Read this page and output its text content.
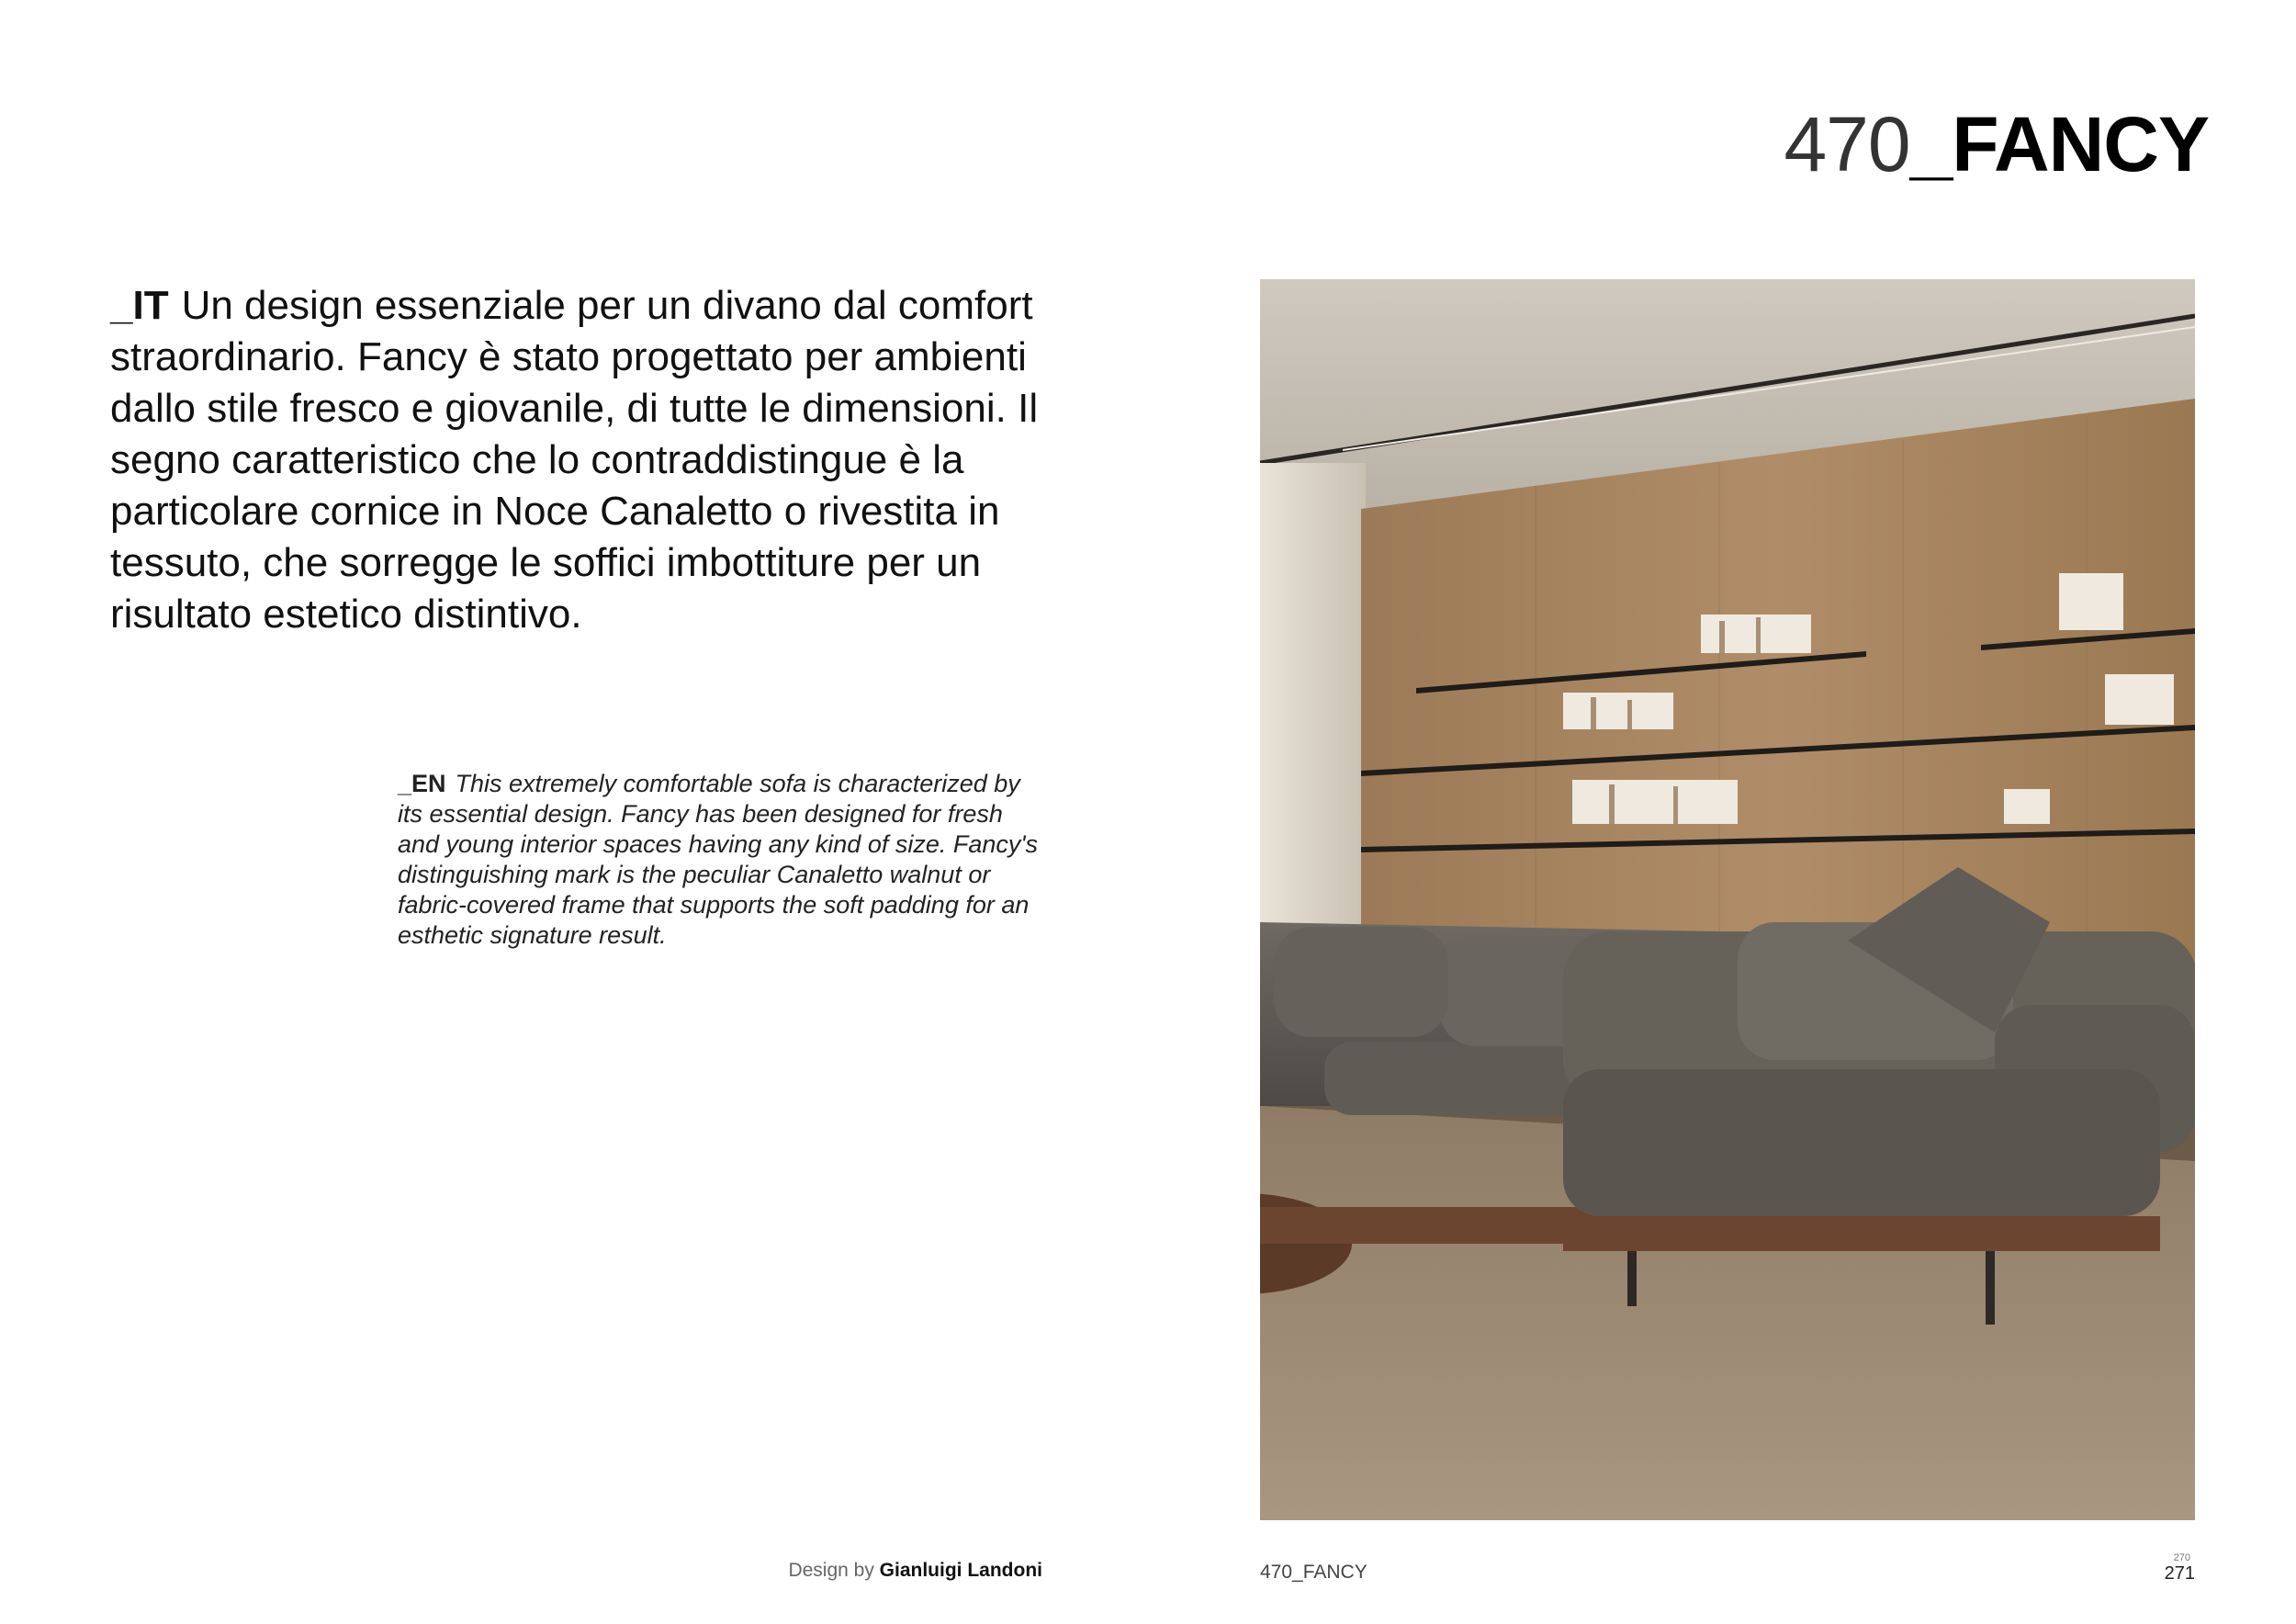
470_FANCY
_IT Un design essenziale per un divano dal comfort straordinario. Fancy è stato progettato per ambienti dallo stile fresco e giovanile, di tutte le dimensioni. Il segno caratteristico che lo contraddistingue è la particolare cornice in Noce Canaletto o rivestita in tessuto, che sorregge le soffici imbottiture per un risultato estetico distintivo.
_EN This extremely comfortable sofa is characterized by its essential design. Fancy has been designed for fresh and young interior spaces having any kind of size. Fancy's distinguishing mark is the peculiar Canaletto walnut or fabric-covered frame that supports the soft padding for an esthetic signature result.
Design by Gianluigi Landoni	470_FANCY
270
271
